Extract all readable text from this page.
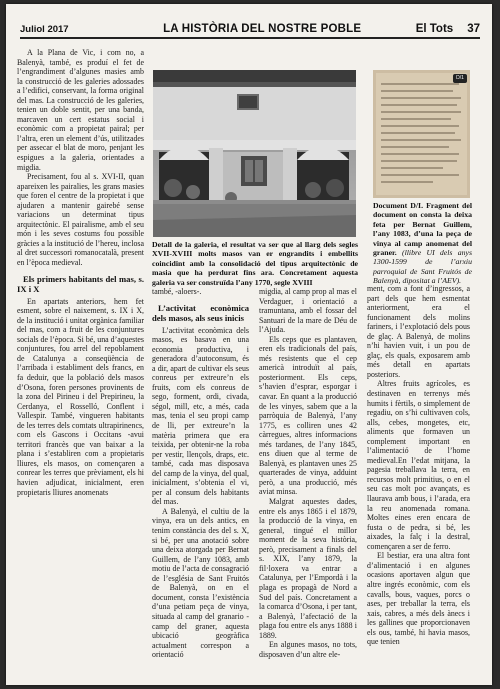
Juliol 2017	LA HISTÒRIA DEL NOSTRE POBLE	El Tots 37

A la Plana de Vic, i com no, a Balenyà, també, es produí el fet de l’engrandiment d’algunes masies amb la construcció de les galeries adossades a l’edifici, conservant, la forma original del mas. La construcció de les galeries, tenien un doble sentit, per una banda, marcaven un cert estatus social i econòmic com a propietat pairal; per l’altra, eren un element d’ús, utilitzades per assecar el blat de moro, penjant les espigues a la galeria, orientades a migdia.

Precisament, fou al s. XVI-II, quan apareixen les pairalies, les grans masies que foren el centre de la propietat i que ajudaren a mantenir gairebé sense variacions un determinat tipus arquitectònic. El pairalisme, amb el seu món i les seves costums fou possible gràcies a la institució de l’hereu, inclosa al dret successori romanocatalà, present en l’època medieval.

Els primers habitants del mas, s. IX i X

En apartats anteriors, hem fet esment, sobre el naixement, s. IX i X, de la institució i unitat orgànica familiar del mas, com a fruit de les conjuntures socials de l’època. Si bé, una d’aquestes conjuntures, fou arrel del repoblament de Catalunya a conseqüència de l’arribada i establiment dels francs, en fa deduir, que la població dels masos d’Osona, foren persones provinents de la zona del Pirineu i del Prepirineu, la Cerdanya, el Rosselló, Conflent i Vallespir. També, vingueren habitants de les terres dels comtats ultrapirinencs, com els Gascons i Occitans -avui territori francès que van baixar a la plana i s’establiren com a propietaris lliures, els masos, on començaren a conrear les terres que prèviament, els hi havien adjudicat, inicialment, eren propietaris lliures anomenats

Detall de la galeria, el resultat va ser que al llarg dels segles XVII-XVIII molts masos van er engrandits i embellits coincidint amb la consolidació del tipus arquitectònic de masia que ha perdurat fins ara. Concretament aquesta galeria va ser construïda l’any 1770, segle XVIII
D/1
Document D/I. Fragment del document on consta la deixa feta per Bernat Guillem, l’any 1083, d’una la peça de vinya al camp anomenat del graner. (llibre UI dels anys 1300-1599 de l’arxiu parroquial de Sant Fruitós de Balenyà, dipositat a l’AEV).

també, -aloers-.

L’activitat econòmica dels masos, als seus inicis

L’activitat econòmica dels masos, es basava en una economia productiva, i generadora d’autoconsum, és a dir, apart de cultivar els seus conreus per extreure’n els fruits, com els conreus de sego, forment, ordi, civada, ségol, mill, etc, a més, cada mas, tenia el seu propi camp de lli, per extreure’n la matèria primera que era teixida, per obtenir-ne la roba per vestir, llençols, draps, etc. també, cada mas disposava del camp de la vinya, del qual, inicialment, s’obtenia el vi, per al consum dels habitants del mas.

A Balenyà, el cultiu de la vinya, era un dels antics, en tenim constància des del s. X, si bé, per una anotació sobre una deixa atorgada per Bernat Guillem, de l’any 1083, amb motiu de l’acta de consagració de l’església de Sant Fruitós de Balenyà, on en el document, consta l’existència d’una petiam peça de vinya, situada al camp del granario -camp del graner, aquesta ubicació geogràfica actualment correspon a orientació

migdia, al camp prop al mas el Verdaguer, i orientació a tramuntana, amb el fossar del Santuari de la mare de Déu de l’Ajuda.

Els ceps que es plantaven, eren els tradicionals del país, més resistents que el cep americà introduït al país, posteriorment. Els ceps, s’havien d’esprar, esporgar i cavar. En quant a la producció de les vinyes, sabem que a la parròquia de Balenyà, l’any 1775, es colliren unes 42 càrregues, altres informacions més tardanes, de l’any 1845, ens diuen que al terme de Balenyà, es plantaven unes 25 quarterades de vinya, adduint però, a una producció, més aviat minsa.

Malgrat aquestes dades, entre els anys 1865 i el 1879, la producció de la vinya, en general, tingué el millor moment de la seva història, però, precisament a finals del s. XIX, l’any 1879, la fil·loxera va entrar a Catalunya, per l’Empordà i la plaga es propagà de Nord a Sud del país. Concretament a la comarca d’Osona, i per tant, a Balenyà, l’afectació de la plaga fou entre els anys 1888 i 1889.

En algunes masos, no tots, disposaven d’un altre ele-

ment, com a font d’ingressos, a part dels que hem esmentat anteriorment, era el funcionament dels molins fariners, i l’explotació dels pous de glaç. A Balenyà, de molins n’hi havien vuit, i un pou de glaç, els quals, exposarem amb més detall en apartats posteriors.

Altres fruits agrícoles, es destinaven en terrenys més humits i fèrtils, o simplement de regadiu, on s’hi cultivaven cols, alls, cebes, mongetes, etc, aliments que formaven un complement important en l’alimentació de l’home medieval.En l’edat mitjana, la pagesia treballava la terra, en recursos molt primitius, o en el seu cas molt poc avançats, es llaurava amb bous, i l’arada, era la reu anomenada romana. Moltes eines eren encara de fusta o de pedra, si bé, les aixades, la falç i la destral, començaren a ser de ferro.

El bestiar, era una altra font d’alimentació i en algunes ocasions aportaven algun que altre ingrés econòmic, com els cavalls, bous, vaques, porcs o ases, per treballar la terra, els xais, cabres, a més dels ànecs i les gallines que proporcionaven els ous, també, hi havia masos, que tenien
